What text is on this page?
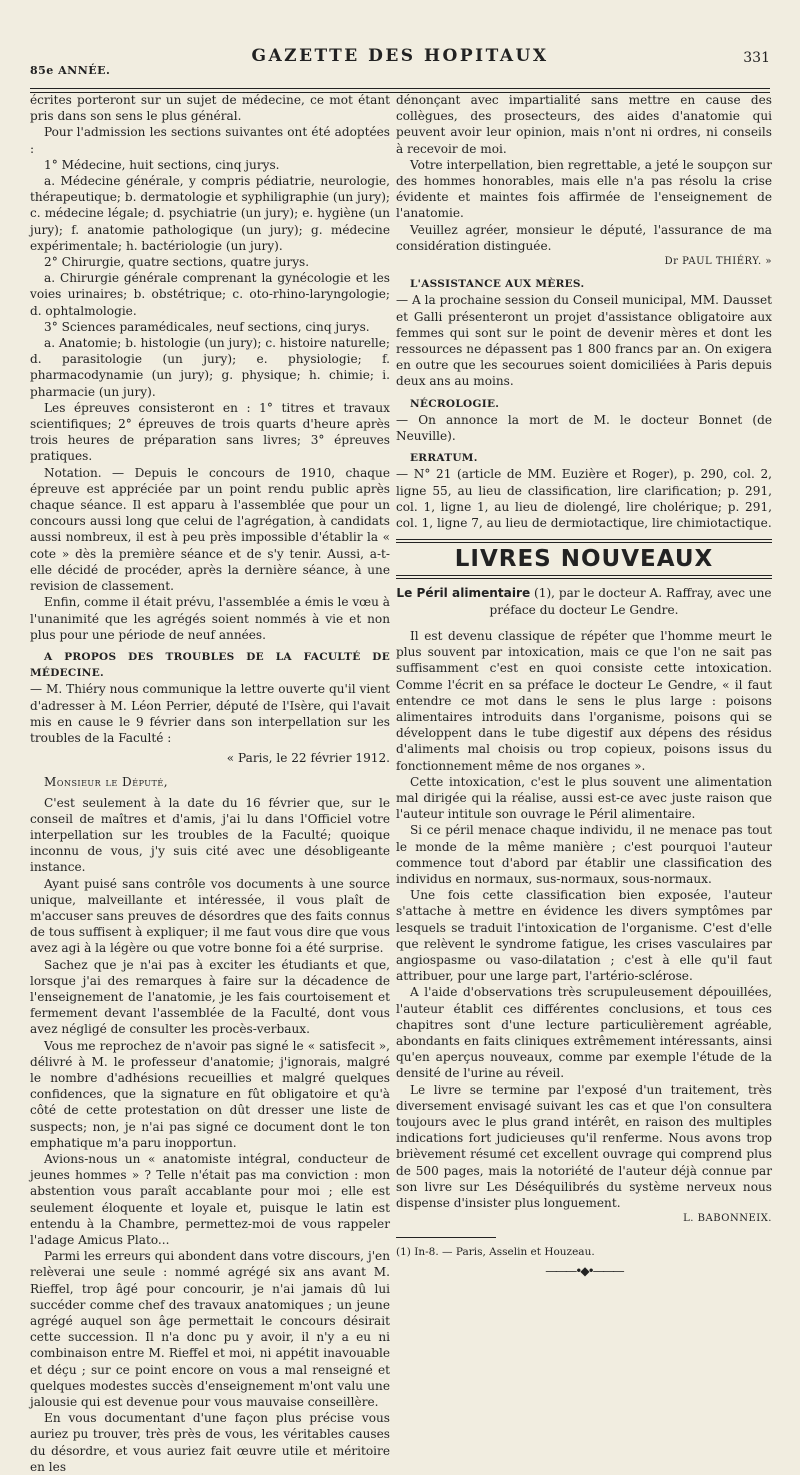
85e ANNÉE.
GAZETTE DES HOPITAUX	331

écrites porteront sur un sujet de médecine, ce mot étant pris dans son sens le plus général.

Pour l'admission les sections suivantes ont été adoptées :

1° Médecine, huit sections, cinq jurys.

a. Médecine générale, y compris pédiatrie, neurologie, thérapeutique; b. dermatologie et syphiligraphie (un jury); c. médecine légale; d. psychiatrie (un jury); e. hygiène (un jury); f. anatomie pathologique (un jury); g. médecine expérimentale; h. bactériologie (un jury).

2° Chirurgie, quatre sections, quatre jurys.

a. Chirurgie générale comprenant la gynécologie et les voies urinaires; b. obstétrique; c. oto-rhino-laryngologie; d. ophtalmologie.

3° Sciences paramédicales, neuf sections, cinq jurys.

a. Anatomie; b. histologie (un jury); c. histoire naturelle; d. parasitologie (un jury); e. physiologie; f. pharmacodynamie (un jury); g. physique; h. chimie; i. pharmacie (un jury).

Les épreuves consisteront en : 1° titres et travaux scientifiques; 2° épreuves de trois quarts d'heure après trois heures de préparation sans livres; 3° épreuves pratiques.

Notation. — Depuis le concours de 1910, chaque épreuve est appréciée par un point rendu public après chaque séance. Il est apparu à l'assemblée que pour un concours aussi long que celui de l'agrégation, à candidats aussi nombreux, il est à peu près impossible d'établir la « cote » dès la première séance et de s'y tenir. Aussi, a-t-elle décidé de procéder, après la dernière séance, à une revision de classement.

Enfin, comme il était prévu, l'assemblée a émis le vœu à l'unanimité que les agrégés soient nommés à vie et non plus pour une période de neuf années.

A PROPOS DES TROUBLES DE LA FACULTÉ DE MÉDECINE.

— M. Thiéry nous communique la lettre ouverte qu'il vient d'adresser à M. Léon Perrier, député de l'Isère, qui l'avait mis en cause le 9 février dans son interpellation sur les troubles de la Faculté :

« Paris, le 22 février 1912.
Monsieur le Député,

C'est seulement à la date du 16 février que, sur le conseil de maîtres et d'amis, j'ai lu dans l'Officiel votre interpellation sur les troubles de la Faculté; quoique inconnu de vous, j'y suis cité avec une désobligeante instance.

Ayant puisé sans contrôle vos documents à une source unique, malveillante et intéressée, il vous plaît de m'accuser sans preuves de désordres que des faits connus de tous suffisent à expliquer; il me faut vous dire que vous avez agi à la légère ou que votre bonne foi a été surprise.

Sachez que je n'ai pas à exciter les étudiants et que, lorsque j'ai des remarques à faire sur la décadence de l'enseignement de l'anatomie, je les fais courtoisement et fermement devant l'assemblée de la Faculté, dont vous avez négligé de consulter les procès-verbaux.

Vous me reprochez de n'avoir pas signé le « satisfecit », délivré à M. le professeur d'anatomie; j'ignorais, malgré le nombre d'adhésions recueillies et malgré quelques confidences, que la signature en fût obligatoire et qu'à côté de cette protestation on dût dresser une liste de suspects; non, je n'ai pas signé ce document dont le ton emphatique m'a paru inopportun.

Avions-nous un « anatomiste intégral, conducteur de jeunes hommes » ? Telle n'était pas ma conviction : mon abstention vous paraît accablante pour moi ; elle est seulement éloquente et loyale et, puisque le latin est entendu à la Chambre, permettez-moi de vous rappeler l'adage Amicus Plato...

Parmi les erreurs qui abondent dans votre discours, j'en relèverai une seule : nommé agrégé six ans avant M. Rieffel, trop âgé pour concourir, je n'ai jamais dû lui succéder comme chef des travaux anatomiques ; un jeune agrégé auquel son âge permettait le concours désirait cette succession. Il n'a donc pu y avoir, il n'y a eu ni combinaison entre M. Rieffel et moi, ni appétit inavouable et déçu ; sur ce point encore on vous a mal renseigné et quelques modestes succès d'enseignement m'ont valu une jalousie qui est devenue pour vous mauvaise conseillère.

En vous documentant d'une façon plus précise vous auriez pu trouver, très près de vous, les véritables causes du désordre, et vous auriez fait œuvre utile et méritoire en les

dénonçant avec impartialité sans mettre en cause des collègues, des prosecteurs, des aides d'anatomie qui peuvent avoir leur opinion, mais n'ont ni ordres, ni conseils à recevoir de moi.

Votre interpellation, bien regrettable, a jeté le soupçon sur des hommes honorables, mais elle n'a pas résolu la crise évidente et maintes fois affirmée de l'enseignement de l'anatomie.

Veuillez agréer, monsieur le député, l'assurance de ma considération distinguée.

Dr PAUL THIÉRY. »
L'ASSISTANCE AUX MÈRES.

— A la prochaine session du Conseil municipal, MM. Dausset et Galli présenteront un projet d'assistance obligatoire aux femmes qui sont sur le point de devenir mères et dont les ressources ne dépassent pas 1 800 francs par an. On exigera en outre que les secourues soient domiciliées à Paris depuis deux ans au moins.

NÉCROLOGIE.

— On annonce la mort de M. le docteur Bonnet (de Neuville).

ERRATUM.

— N° 21 (article de MM. Euzière et Roger), p. 290, col. 2, ligne 55, au lieu de classification, lire clarification; p. 291, col. 1, ligne 1, au lieu de diolengé, lire cholérique; p. 291, col. 1, ligne 7, au lieu de dermiotactique, lire chimiotactique.

LIVRES NOUVEAUX
Le Péril alimentaire (1), par le docteur A. Raffray, avec une préface du docteur Le Gendre.

Il est devenu classique de répéter que l'homme meurt le plus souvent par intoxication, mais ce que l'on ne sait pas suffisamment c'est en quoi consiste cette intoxication. Comme l'écrit en sa préface le docteur Le Gendre, « il faut entendre ce mot dans le sens le plus large : poisons alimentaires introduits dans l'organisme, poisons qui se développent dans le tube digestif aux dépens des résidus d'aliments mal choisis ou trop copieux, poisons issus du fonctionnement même de nos organes ».

Cette intoxication, c'est le plus souvent une alimentation mal dirigée qui la réalise, aussi est-ce avec juste raison que l'auteur intitule son ouvrage le Péril alimentaire.

Si ce péril menace chaque individu, il ne menace pas tout le monde de la même manière ; c'est pourquoi l'auteur commence tout d'abord par établir une classification des individus en normaux, sus-normaux, sous-normaux.

Une fois cette classification bien exposée, l'auteur s'attache à mettre en évidence les divers symptômes par lesquels se traduit l'intoxication de l'organisme. C'est d'elle que relèvent le syndrome fatigue, les crises vasculaires par angiospasme ou vaso-dilatation ; c'est à elle qu'il faut attribuer, pour une large part, l'artério-sclérose.

A l'aide d'observations très scrupuleusement dépouillées, l'auteur établit ces différentes conclusions, et tous ces chapitres sont d'une lecture particulièrement agréable, abondants en faits cliniques extrêmement intéressants, ainsi qu'en aperçus nouveaux, comme par exemple l'étude de la densité de l'urine au réveil.

Le livre se termine par l'exposé d'un traitement, très diversement envisagé suivant les cas et que l'on consultera toujours avec le plus grand intérêt, en raison des multiples indications fort judicieuses qu'il renferme. Nous avons trop brièvement résumé cet excellent ouvrage qui comprend plus de 500 pages, mais la notoriété de l'auteur déjà connue par son livre sur Les Déséquilibrés du système nerveux nous dispense d'insister plus longuement.

L. BABONNEIX.
(1) In-8. — Paris, Asselin et Houzeau.
———•◆•———
